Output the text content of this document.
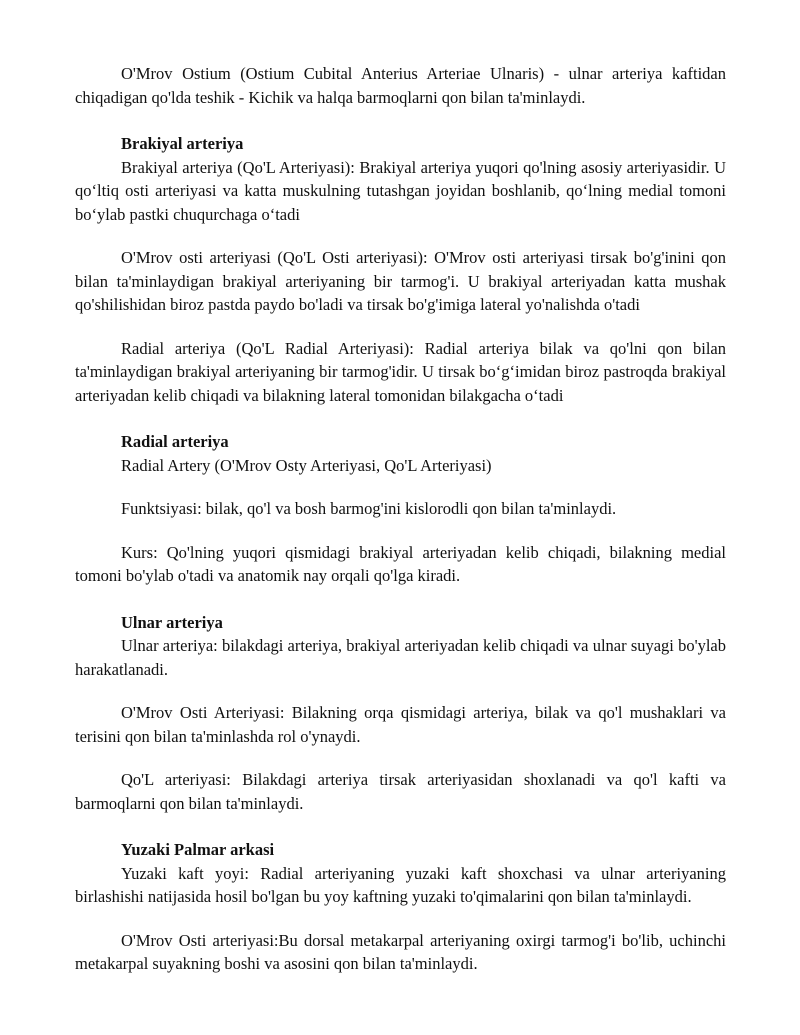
O'Mrov Ostium (Ostium Cubital Anterius Arteriae Ulnaris) - ulnar arteriya kaftidan chiqadigan qo'lda teshik - Kichik va halqa barmoqlarni qon bilan ta'minlaydi.

Brakiyal arteriya

Brakiyal arteriya (Qo'L Arteriyasi): Brakiyal arteriya yuqori qo'lning asosiy arteriyasidir. U qo‘ltiq osti arteriyasi va katta muskulning tutashgan joyidan boshlanib, qo‘lning medial tomoni bo‘ylab pastki chuqurchaga o‘tadi

O'Mrov osti arteriyasi (Qo'L Osti arteriyasi): O'Mrov osti arteriyasi tirsak bo'g'inini qon bilan ta'minlaydigan brakiyal arteriyaning bir tarmog'i. U brakiyal arteriyadan katta mushak qo'shilishidan biroz pastda paydo bo'ladi va tirsak bo'g'imiga lateral yo'nalishda o'tadi

Radial arteriya (Qo'L Radial Arteriyasi): Radial arteriya bilak va qo'lni qon bilan ta'minlaydigan brakiyal arteriyaning bir tarmog'idir. U tirsak bo‘g‘imidan biroz pastroqda brakiyal arteriyadan kelib chiqadi va bilakning lateral tomonidan bilakgacha o‘tadi

Radial arteriya

Radial Artery (O'Mrov Osty Arteriyasi, Qo'L Arteriyasi)

Funktsiyasi: bilak, qo'l va bosh barmog'ini kislorodli qon bilan ta'minlaydi.

Kurs: Qo'lning yuqori qismidagi brakiyal arteriyadan kelib chiqadi, bilakning medial tomoni bo'ylab o'tadi va anatomik nay orqali qo'lga kiradi.

Ulnar arteriya

Ulnar arteriya: bilakdagi arteriya, brakiyal arteriyadan kelib chiqadi va ulnar suyagi bo'ylab harakatlanadi.

O'Mrov Osti Arteriyasi: Bilakning orqa qismidagi arteriya, bilak va qo'l mushaklari va terisini qon bilan ta'minlashda rol o'ynaydi.

Qo'L arteriyasi: Bilakdagi arteriya tirsak arteriyasidan shoxlanadi va qo'l kafti va barmoqlarni qon bilan ta'minlaydi.

Yuzaki Palmar arkasi

Yuzaki kaft yoyi: Radial arteriyaning yuzaki kaft shoxchasi va ulnar arteriyaning birlashishi natijasida hosil bo'lgan bu yoy kaftning yuzaki to'qimalarini qon bilan ta'minlaydi.

O'Mrov Osti arteriyasi:Bu dorsal metakarpal arteriyaning oxirgi tarmog'i bo'lib, uchinchi metakarpal suyakning boshi va asosini qon bilan ta'minlaydi.
